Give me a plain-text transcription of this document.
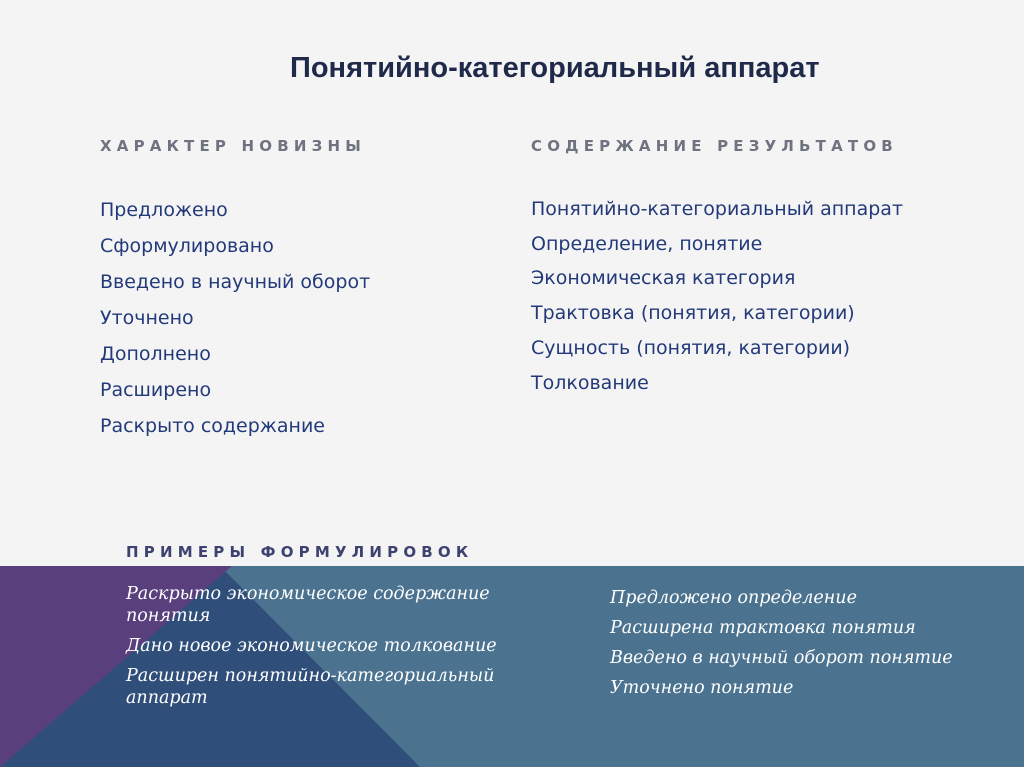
Понятийно-категориальный аппарат
ХАРАКТЕР НОВИЗНЫ
Предложено
Сформулировано
Введено в научный оборот
Уточнено
Дополнено
Расширено
Раскрыто содержание
СОДЕРЖАНИЕ РЕЗУЛЬТАТОВ
Понятийно-категориальный аппарат
Определение, понятие
Экономическая категория
Трактовка (понятия, категории)
Сущность (понятия, категории)
Толкование
ПРИМЕРЫ ФОРМУЛИРОВОК
Раскрыто экономическое содержание понятия
Дано новое экономическое толкование
Расширен понятийно-категориальный аппарат
Предложено определение
Расширена трактовка понятия
Введено в научный оборот понятие
Уточнено понятие
